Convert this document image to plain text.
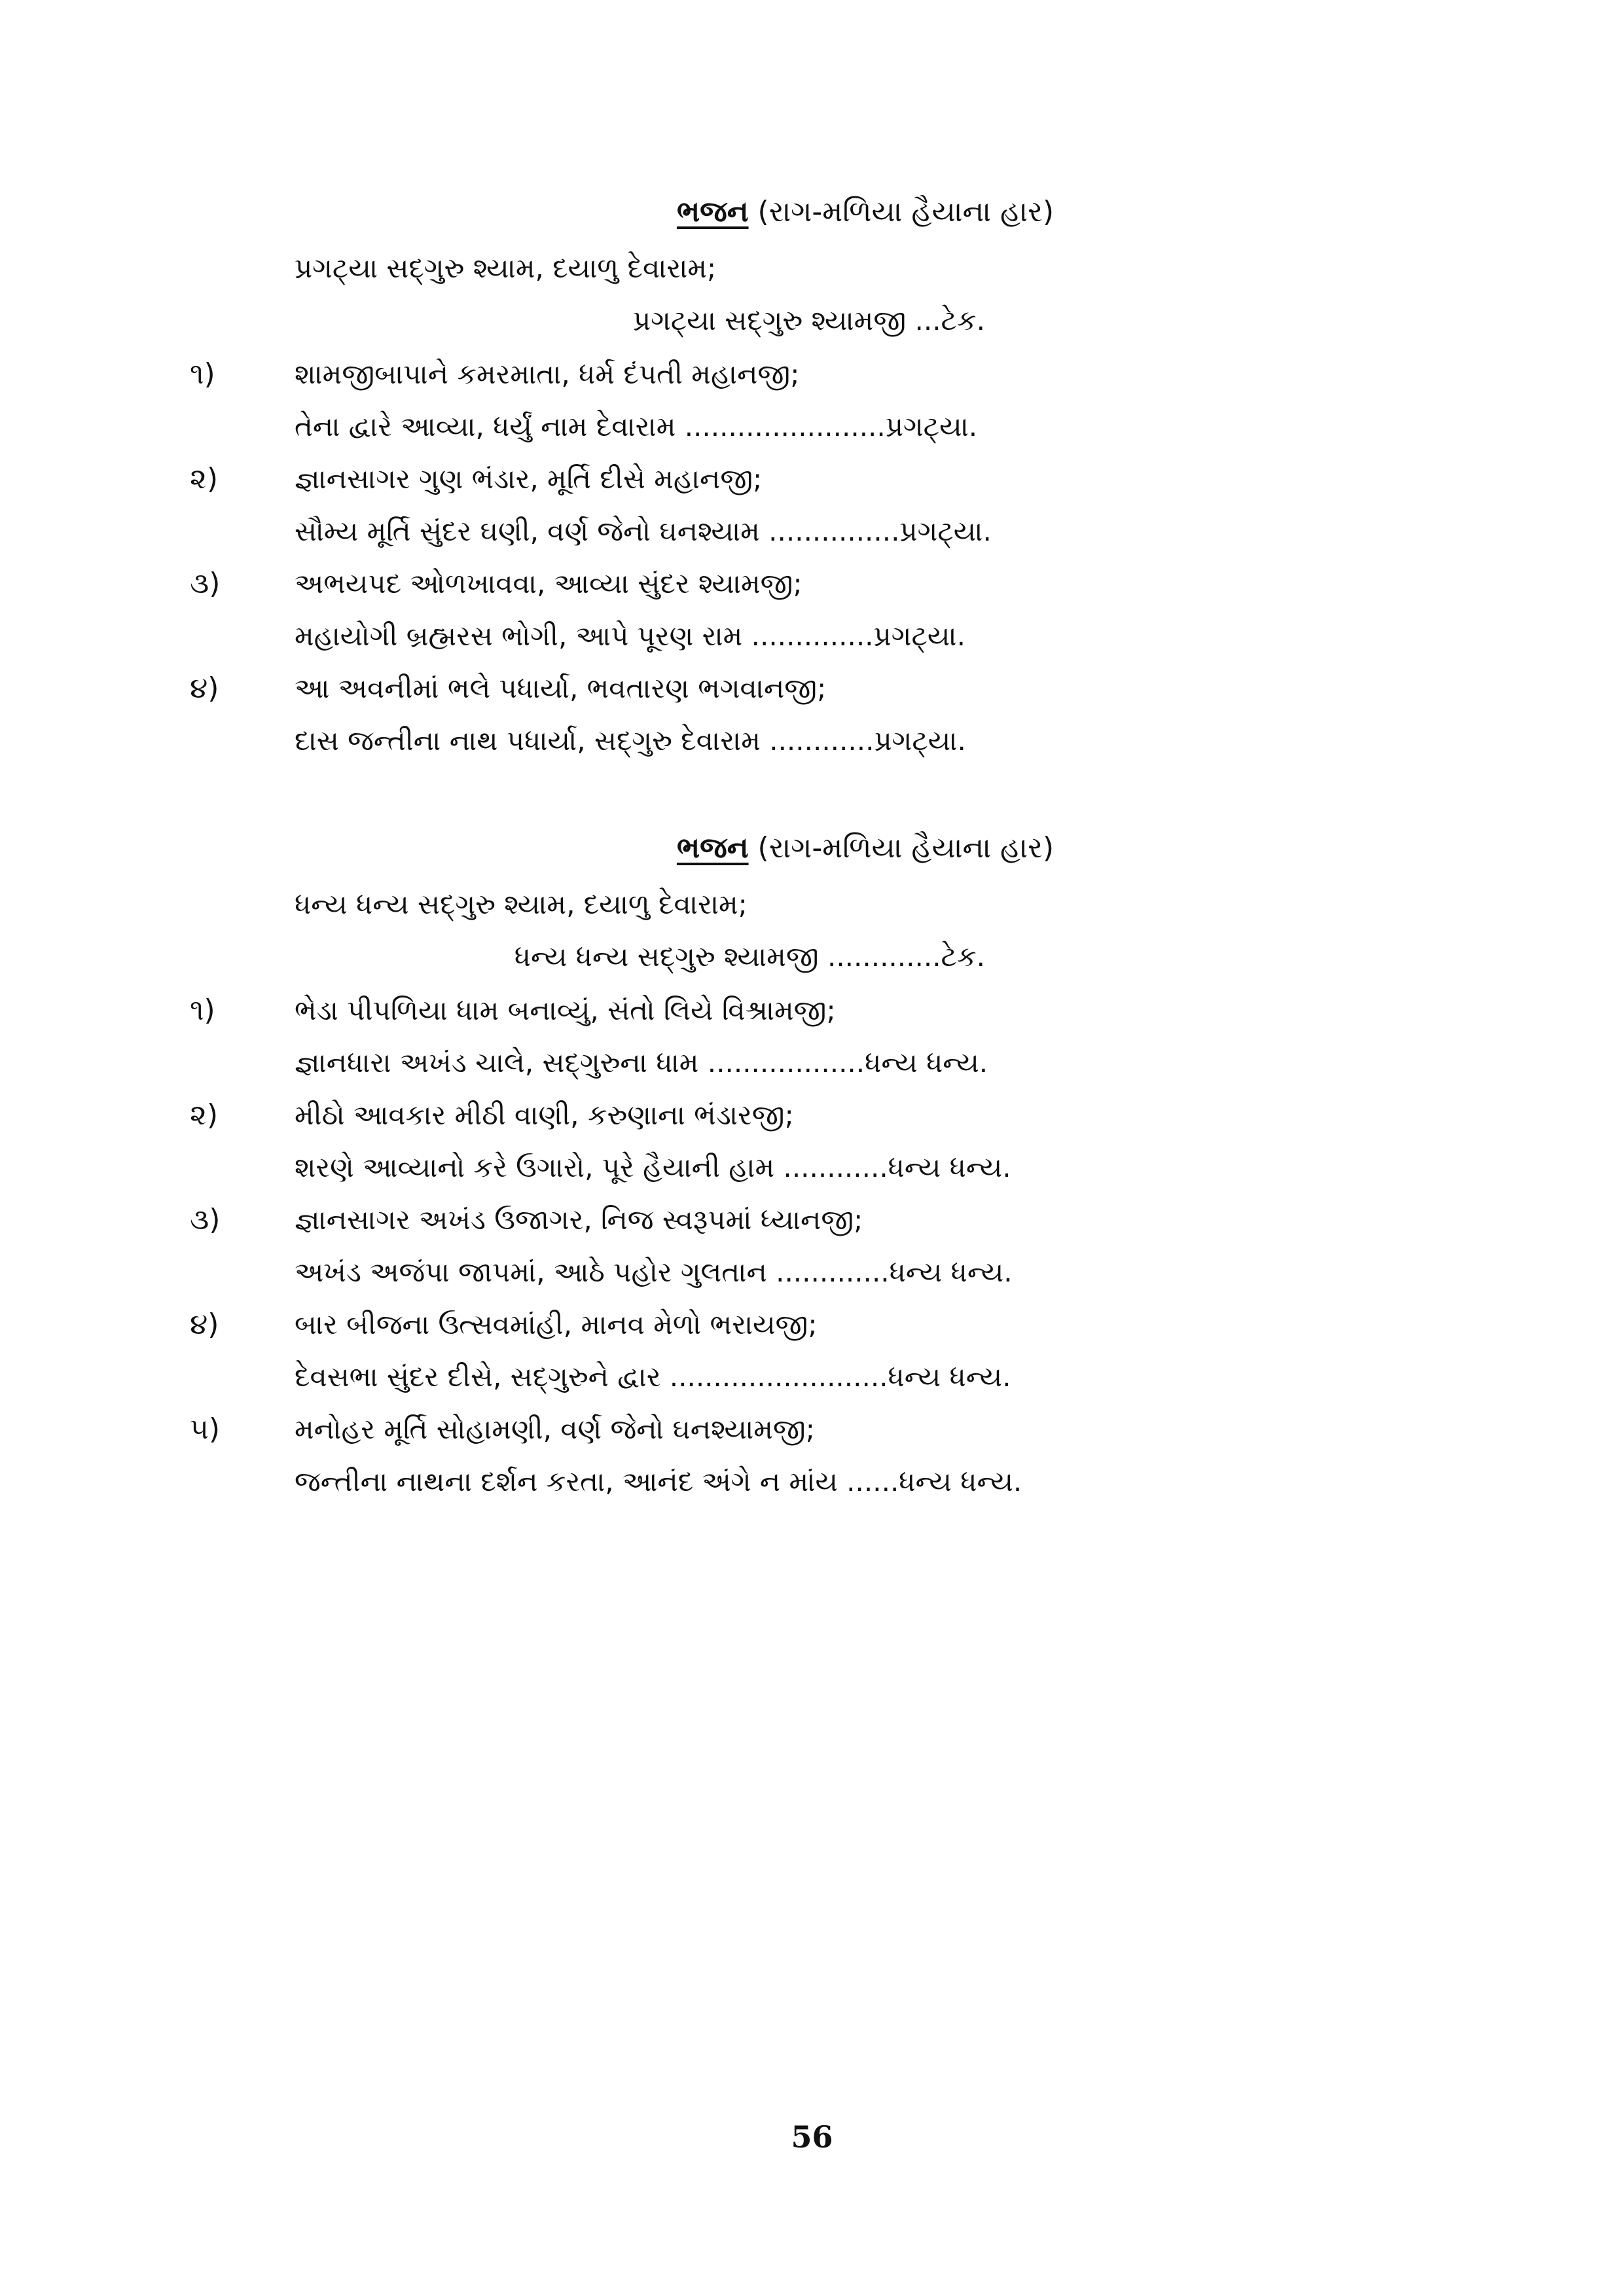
ભજન (રાગ-મળિયા હૈયાના હાર)
પ્રગટ્યા સદ્‌ગુરુ શ્યામ, દયાળુ દેવારામ;
પ્રગટ્યા સદ્‌ગુરુ શ્યામજી ...ટેક.
૧)	શામજીબાપાને કમરમાતા, ધર્મ દંપતી મહાનજી;
તેના દ્વારે આવ્યા, ધર્યું નામ દેવારામ .......................પ્રગટ્યા.
૨)	જ્ઞાનસાગર ગુણ ભંડાર, મૂર્તિ દીસે મહાનજી;
સૌમ્ય મૂર્તિ સુંદર ઘણી, વર્ણ જેનો ઘનશ્યામ ...............પ્રગટ્યા.
૩)	અભયપદ ઓળખાવવા, આવ્યા સુંદર શ્યામજી;
મહાયોગી બ્રહ્મરસ ભોગી, આપે પૂરણ રામ ..............પ્રગટ્યા.
૪)	આ અવનીમાં ભલે પધાર્યા, ભવતારણ ભગવાનજી;
દાસ જન્તીના નાથ પધાર્યા, સદ્‌ગુરુ દેવારામ ............પ્રગટ્યા.
ભજન (રાગ-મળિયા હૈયાના હાર)
ધન્ય ધન્ય સદ્‌ગુરુ શ્યામ, દયાળુ દેવારામ;
ધન્ય ધન્ય સદ્‌ગુરુ શ્યામજી .............ટેક.
૧)	ભેડા પીપળિયા ધામ બનાવ્યું, સંતો લિયે વિશ્રામજી;
જ્ઞાનધારા અખંડ ચાલે, સદ્‌ગુરુના ધામ ..................ધન્ય ધન્ય.
૨)	મીઠો આવકાર મીઠી વાણી, કરુણાના ભંડારજી;
શરણે આવ્યાનો કરે ઉગારો, પૂરે હૈયાની હામ ............ધન્ય ધન્ય.
૩)	જ્ઞાનસાગર અખંડ ઉજાગર, નિજ સ્વરૂપમાં ધ્યાનજી;
અખંડ અજંપા જાપમાં, આઠે પહોર ગુલતાન .............ધન્ય ધન્ય.
૪)	બાર બીજના ઉત્સવમાંહી, માનવ મેળો ભરાયજી;
દેવસભા સુંદર દીસે, સદ્‌ગુરુને દ્વાર .........................ધન્ય ધન્ય.
૫)	મનોહર મૂર્તિ સોહામણી, વર્ણ જેનો ઘનશ્યામજી;
જન્તીના નાથના દર્શન કરતા, આનંદ અંગે ન માંય ......ધન્ય ધન્ય.
56
